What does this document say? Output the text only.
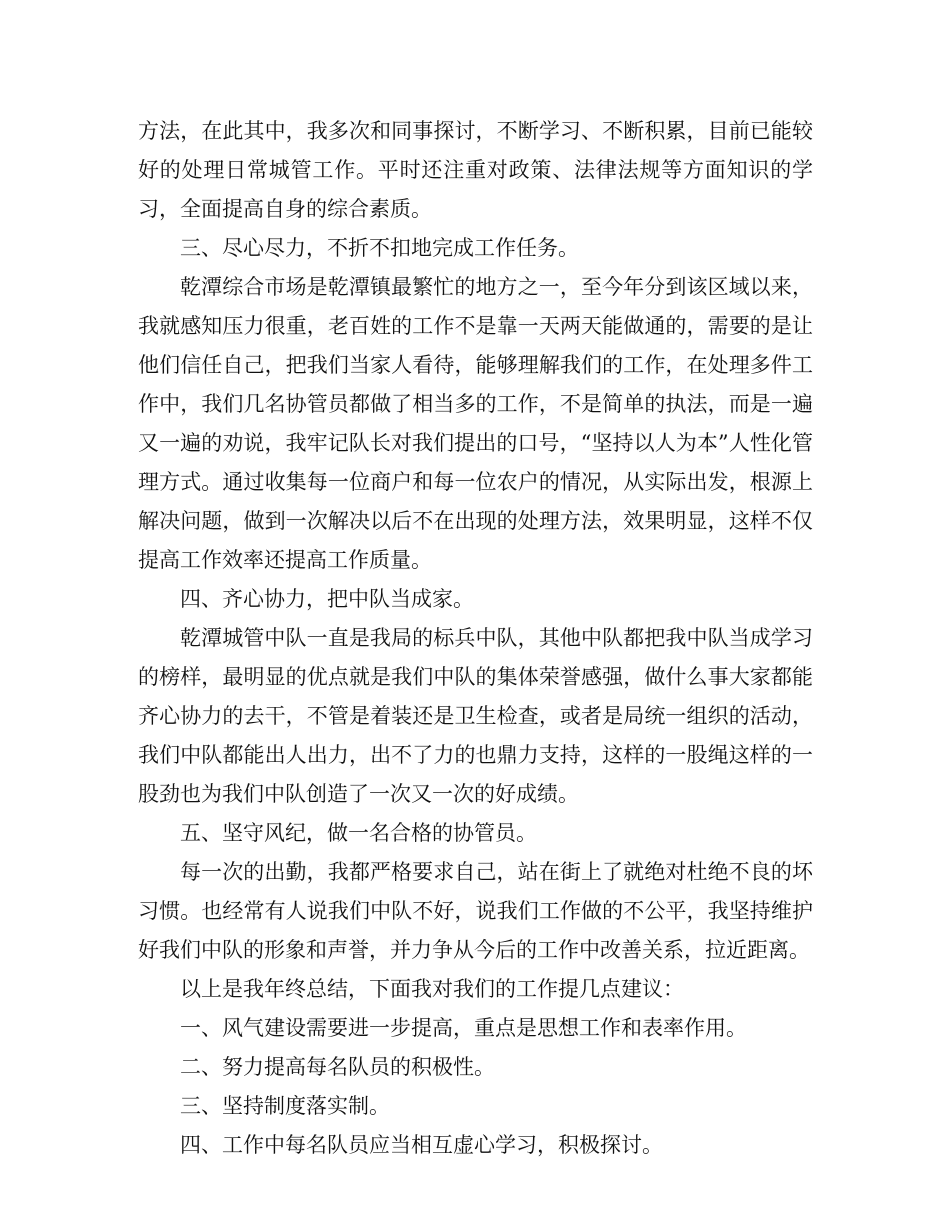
方法，在此其中，我多次和同事探讨，不断学习、不断积累，目前已能较好的处理日常城管工作。平时还注重对政策、法律法规等方面知识的学习，全面提高自身的综合素质。

三、尽心尽力，不折不扣地完成工作任务。

乾潭综合市场是乾潭镇最繁忙的地方之一，至今年分到该区域以来，我就感知压力很重，老百姓的工作不是靠一天两天能做通的，需要的是让他们信任自己，把我们当家人看待，能够理解我们的工作，在处理多件工作中，我们几名协管员都做了相当多的工作，不是简单的执法，而是一遍又一遍的劝说，我牢记队长对我们提出的口号，“坚持以人为本”人性化管理方式。通过收集每一位商户和每一位农户的情况，从实际出发，根源上解决问题，做到一次解决以后不在出现的处理方法，效果明显，这样不仅提高工作效率还提高工作质量。

四、齐心协力，把中队当成家。

乾潭城管中队一直是我局的标兵中队，其他中队都把我中队当成学习的榜样，最明显的优点就是我们中队的集体荣誉感强，做什么事大家都能齐心协力的去干，不管是着装还是卫生检查，或者是局统一组织的活动，我们中队都能出人出力，出不了力的也鼎力支持，这样的一股绳这样的一股劲也为我们中队创造了一次又一次的好成绩。

五、坚守风纪，做一名合格的协管员。

每一次的出勤，我都严格要求自己，站在街上了就绝对杜绝不良的坏习惯。也经常有人说我们中队不好，说我们工作做的不公平，我坚持维护好我们中队的形象和声誉，并力争从今后的工作中改善关系，拉近距离。

以上是我年终总结，下面我对我们的工作提几点建议：

一、风气建设需要进一步提高，重点是思想工作和表率作用。

二、努力提高每名队员的积极性。

三、坚持制度落实制。

四、工作中每名队员应当相互虚心学习，积极探讨。
